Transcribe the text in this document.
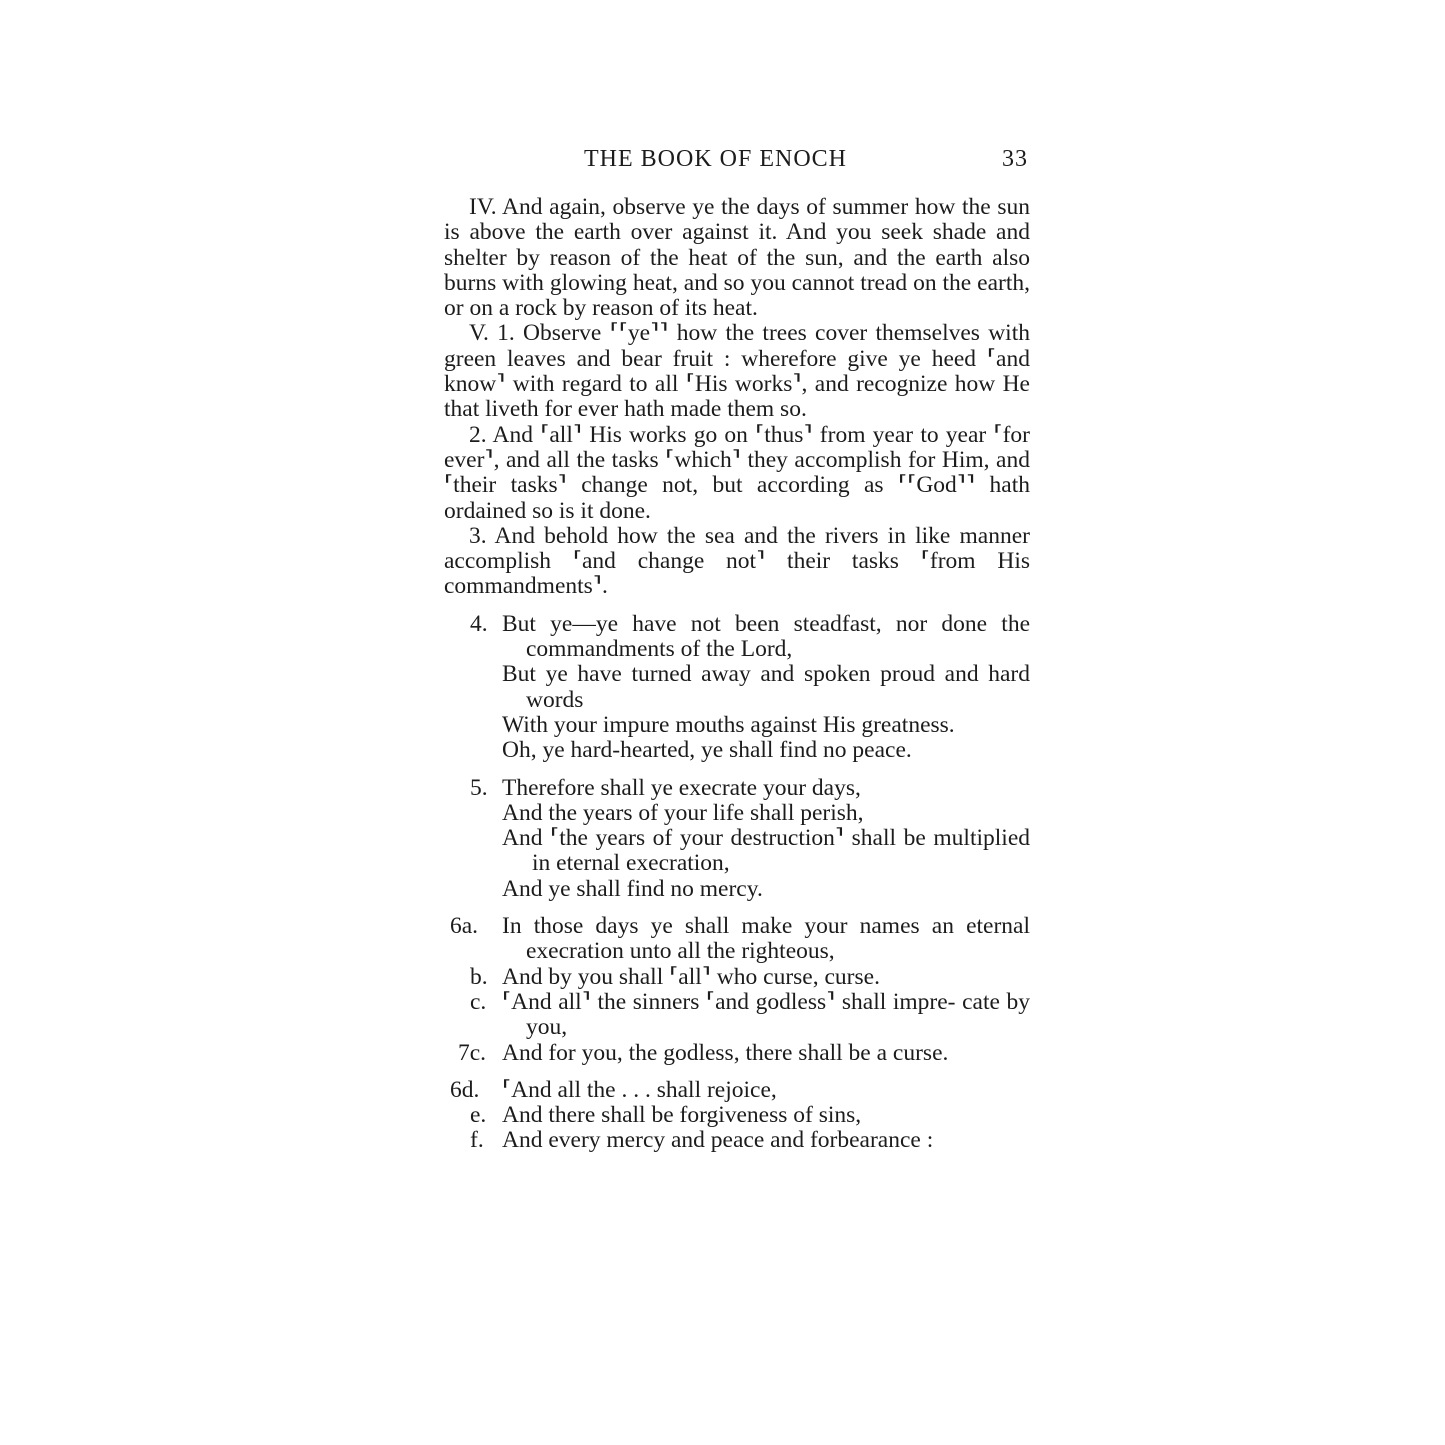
THE BOOK OF ENOCH	33

IV. And again, observe ye the days of summer how the sun is above the earth over against it. And you seek shade and shelter by reason of the heat of the sun, and the earth also burns with glowing heat, and so you cannot tread on the earth, or on a rock by reason of its heat.

V. 1. Observe ⸢⸢ye⸣⸣ how the trees cover themselves with green leaves and bear fruit : wherefore give ye heed ⸢and know⸣ with regard to all ⸢His works⸣, and recognize how He that liveth for ever hath made them so.

2. And ⸢all⸣ His works go on ⸢thus⸣ from year to year ⸢for ever⸣, and all the tasks ⸢which⸣ they accomplish for Him, and ⸢their tasks⸣ change not, but according as ⸢⸢God⸣⸣ hath ordained so is it done.

3. And behold how the sea and the rivers in like manner accomplish ⸢and change not⸣ their tasks ⸢from His commandments⸣.

4. But ye—ye have not been steadfast, nor done the commandments of the Lord,

But ye have turned away and spoken proud and hard words

With your impure mouths against His greatness.

Oh, ye hard-hearted, ye shall find no peace.

5. Therefore shall ye execrate your days,

And the years of your life shall perish,

And ⸢the years of your destruction⸣ shall be multiplied in eternal execration,

And ye shall find no mercy.

6a.	In those days ye shall make your names an eternal execration unto all the righteous,

b. And by you shall ⸢all⸣ who curse, curse.

c. ⸢And all⸣ the sinners ⸢and godless⸣ shall impre- cate by you,

7c. And for you, the godless, there shall be a curse.

6d. ⸢And all the . . . shall rejoice,

e. And there shall be forgiveness of sins,

f. And every mercy and peace and forbearance :
